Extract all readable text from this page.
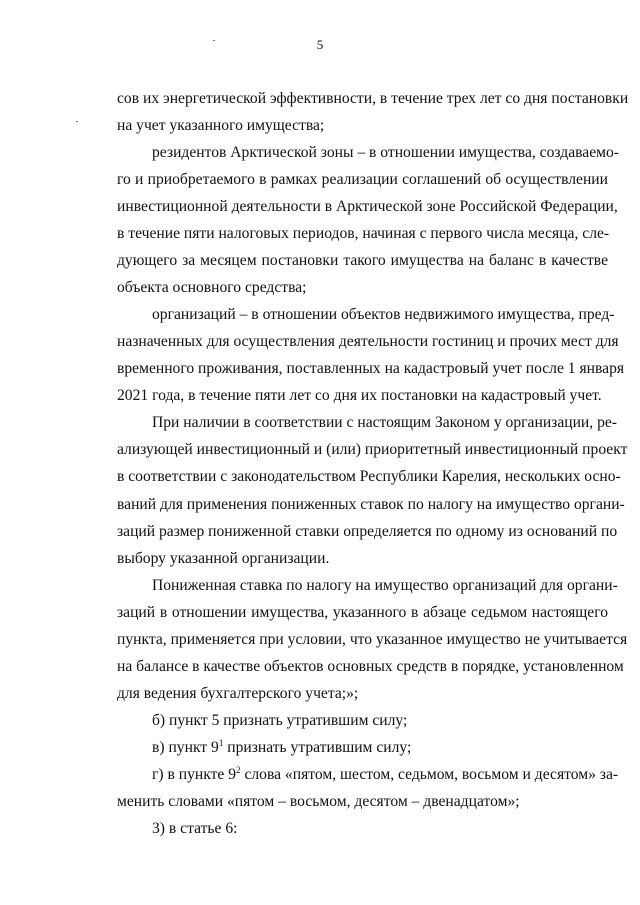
5
сов их энергетической эффективности, в течение трех лет со дня постановки
на учет указанного имущества;
резидентов Арктической зоны – в отношении имущества, создаваемо-
го и приобретаемого в рамках реализации соглашений об осуществлении
инвестиционной деятельности в Арктической зоне Российской Федерации,
в течение пяти налоговых периодов, начиная с первого числа месяца, сле-
дующего за месяцем постановки такого имущества на баланс в качестве
объекта основного средства;
организаций – в отношении объектов недвижимого имущества, пред-
назначенных для осуществления деятельности гостиниц и прочих мест для
временного проживания, поставленных на кадастровый учет после 1 января
2021 года, в течение пяти лет со дня их постановки на кадастровый учет.
При наличии в соответствии с настоящим Законом у организации, ре-
ализующей инвестиционный и (или) приоритетный инвестиционный проект
в соответствии с законодательством Республики Карелия, нескольких осно-
ваний для применения пониженных ставок по налогу на имущество органи-
заций размер пониженной ставки определяется по одному из оснований по
выбору указанной организации.
Пониженная ставка по налогу на имущество организаций для органи-
заций в отношении имущества, указанного в абзаце седьмом настоящего
пункта, применяется при условии, что указанное имущество не учитывается
на балансе в качестве объектов основных средств в порядке, установленном
для ведения бухгалтерского учета;»;
б) пункт 5 признать утратившим силу;
в) пункт $9^1$ признать утратившим силу;
г) в пункте $9^2$ слова «пятом, шестом, седьмом, восьмом и десятом» за-
менить словами «пятом – восьмом, десятом – двенадцатом»;
3) в статье 6:
